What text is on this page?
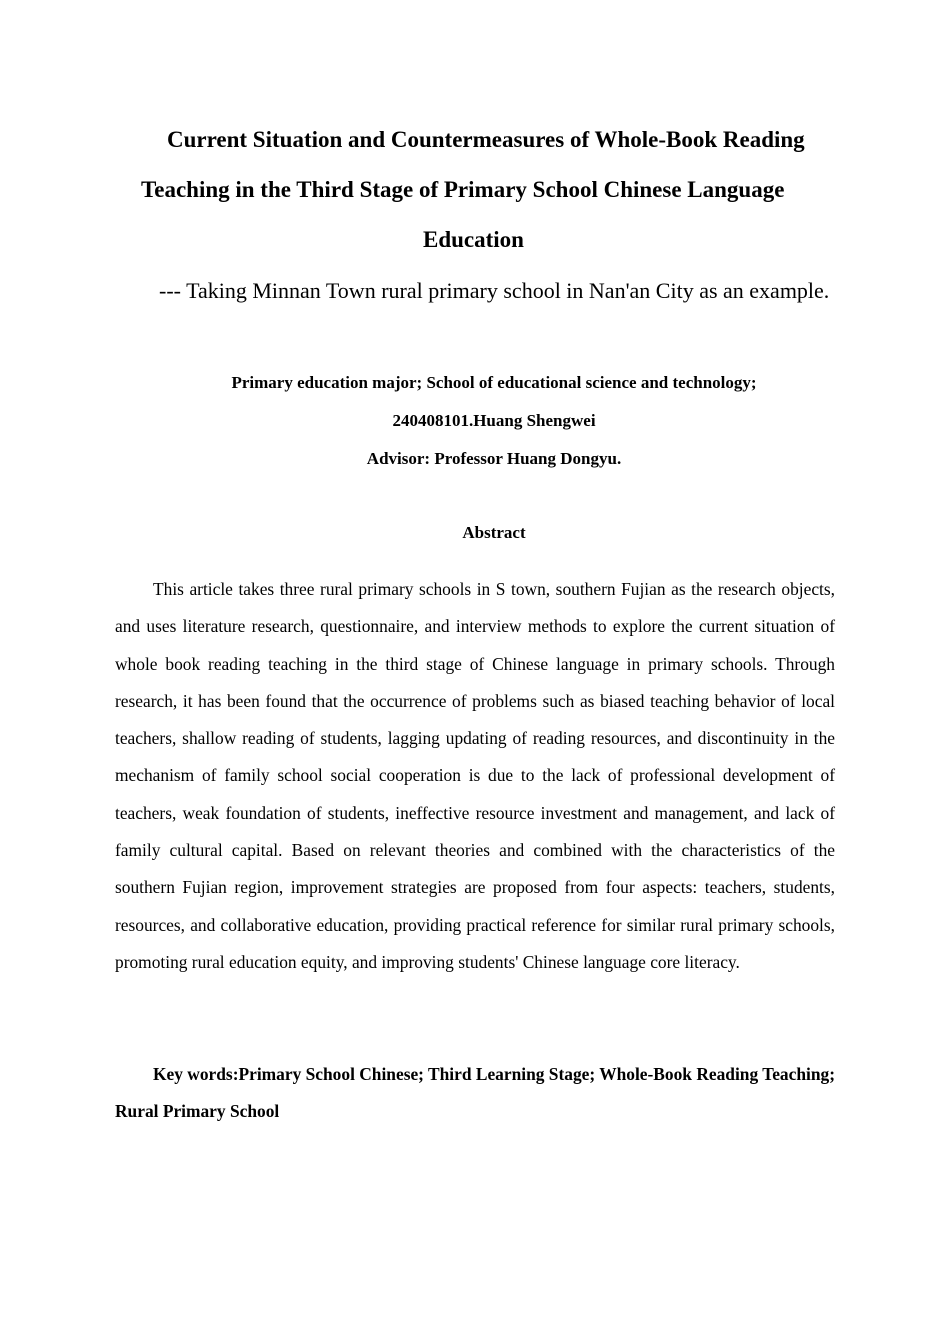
Current Situation and Countermeasures of Whole-Book Reading
Teaching in the Third Stage of Primary School Chinese Language
Education
--- Taking Minnan Town rural primary school in Nan'an City as an example.
Primary education major; School of educational science and technology;
240408101.Huang Shengwei
Advisor: Professor Huang Dongyu.
Abstract

This article takes three rural primary schools in S town, southern Fujian as the research objects, and uses literature research, questionnaire, and interview methods to explore the current situation of whole book reading teaching in the third stage of Chinese language in primary schools. Through research, it has been found that the occurrence of problems such as biased teaching behavior of local teachers, shallow reading of students, lagging updating of reading resources, and discontinuity in the mechanism of family school social cooperation is due to the lack of professional development of teachers, weak foundation of students, ineffective resource investment and management, and lack of family cultural capital. Based on relevant theories and combined with the characteristics of the southern Fujian region, improvement strategies are proposed from four aspects: teachers, students, resources, and collaborative education, providing practical reference for similar rural primary schools, promoting rural education equity, and improving students' Chinese language core literacy.

Key words:Primary School Chinese; Third Learning Stage; Whole-Book Reading Teaching; Rural Primary School
